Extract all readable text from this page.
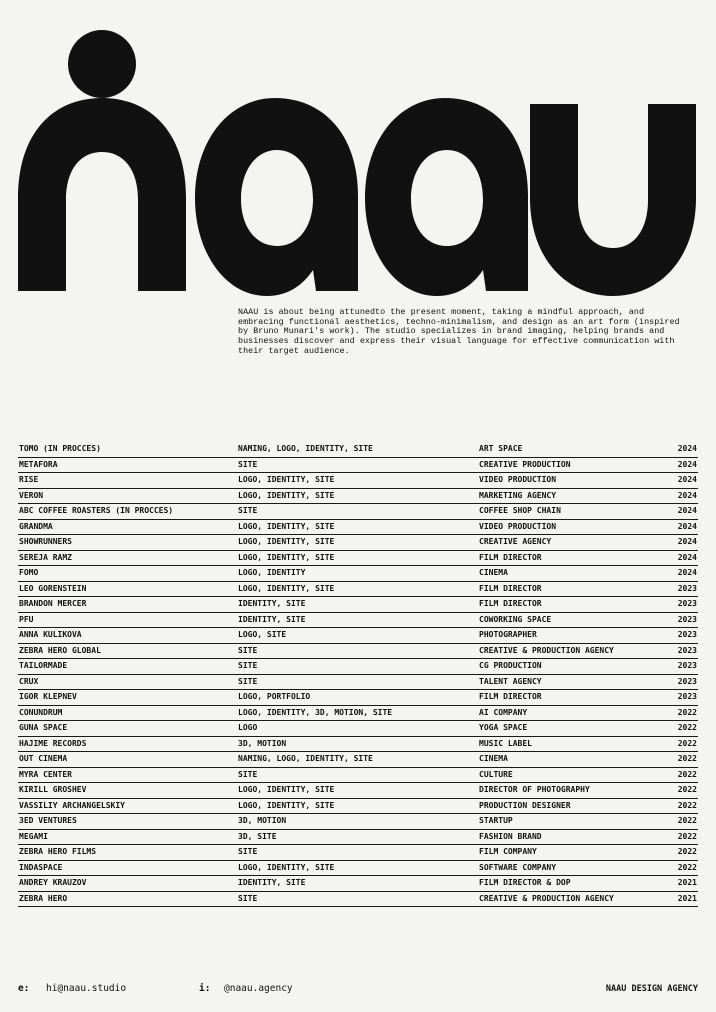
NAAU is about being attunedto the present moment, taking a mindful approach, and embracing functional aesthetics, techno-minimalism, and design as an art form (inspired by Bruno Munari's work). The studio specializes in brand imaging, helping brands and businesses discover and express their visual language for effective communication with their target audience.

TOMO (IN PROCCES)	NAMING, LOGO, IDENTITY, SITE	ART SPACE	2024
METAFORA	SITE	CREATIVE PRODUCTION	2024
RISE	LOGO, IDENTITY, SITE	VIDEO PRODUCTION	2024
VERON	LOGO, IDENTITY, SITE	MARKETING AGENCY	2024
ABC COFFEE ROASTERS (IN PROCCES)	SITE	COFFEE SHOP CHAIN	2024
GRANDMA	LOGO, IDENTITY, SITE	VIDEO PRODUCTION	2024
SHOWRUNNERS	LOGO, IDENTITY, SITE	CREATIVE AGENCY	2024
SEREJA RAMZ	LOGO, IDENTITY, SITE	FILM DIRECTOR	2024
FOMO	LOGO, IDENTITY	CINEMA	2024
LEO GORENSTEIN	LOGO, IDENTITY, SITE	FILM DIRECTOR	2023
BRANDON MERCER	IDENTITY, SITE	FILM DIRECTOR	2023
PFU	IDENTITY, SITE	COWORKING SPACE	2023
ANNA KULIKOVA	LOGO, SITE	PHOTOGRAPHER	2023
ZEBRA HERO GLOBAL	SITE	CREATIVE & PRODUCTION AGENCY	2023
TAILORMADE	SITE	CG PRODUCTION	2023
CRUX	SITE	TALENT AGENCY	2023
IGOR KLEPNEV	LOGO, PORTFOLIO	FILM DIRECTOR	2023
CONUNDRUM	LOGO, IDENTITY, 3D, MOTION, SITE	AI COMPANY	2022
GUNA SPACE	LOGO	YOGA SPACE	2022
HAJIME RECORDS	3D, MOTION	MUSIC LABEL	2022
OUT CINEMA	NAMING, LOGO, IDENTITY, SITE	CINEMA	2022
MYRA CENTER	SITE	CULTURE	2022
KIRILL GROSHEV	LOGO, IDENTITY, SITE	DIRECTOR OF PHOTOGRAPHY	2022
VASSILIY ARCHANGELSKIY	LOGO, IDENTITY, SITE	PRODUCTION DESIGNER	2022
3ED VENTURES	3D, MOTION	STARTUP	2022
MEGAMI	3D, SITE	FASHION BRAND	2022
ZEBRA HERO FILMS	SITE	FILM COMPANY	2022
INDASPACE	LOGO, IDENTITY, SITE	SOFTWARE COMPANY	2022
ANDREY KRAUZOV	IDENTITY, SITE	FILM DIRECTOR & DOP	2021
ZEBRA HERO	SITE	CREATIVE & PRODUCTION AGENCY	2021
e: hi@naau.studio	i: @naau.agency	NAAU DESIGN AGENCY
